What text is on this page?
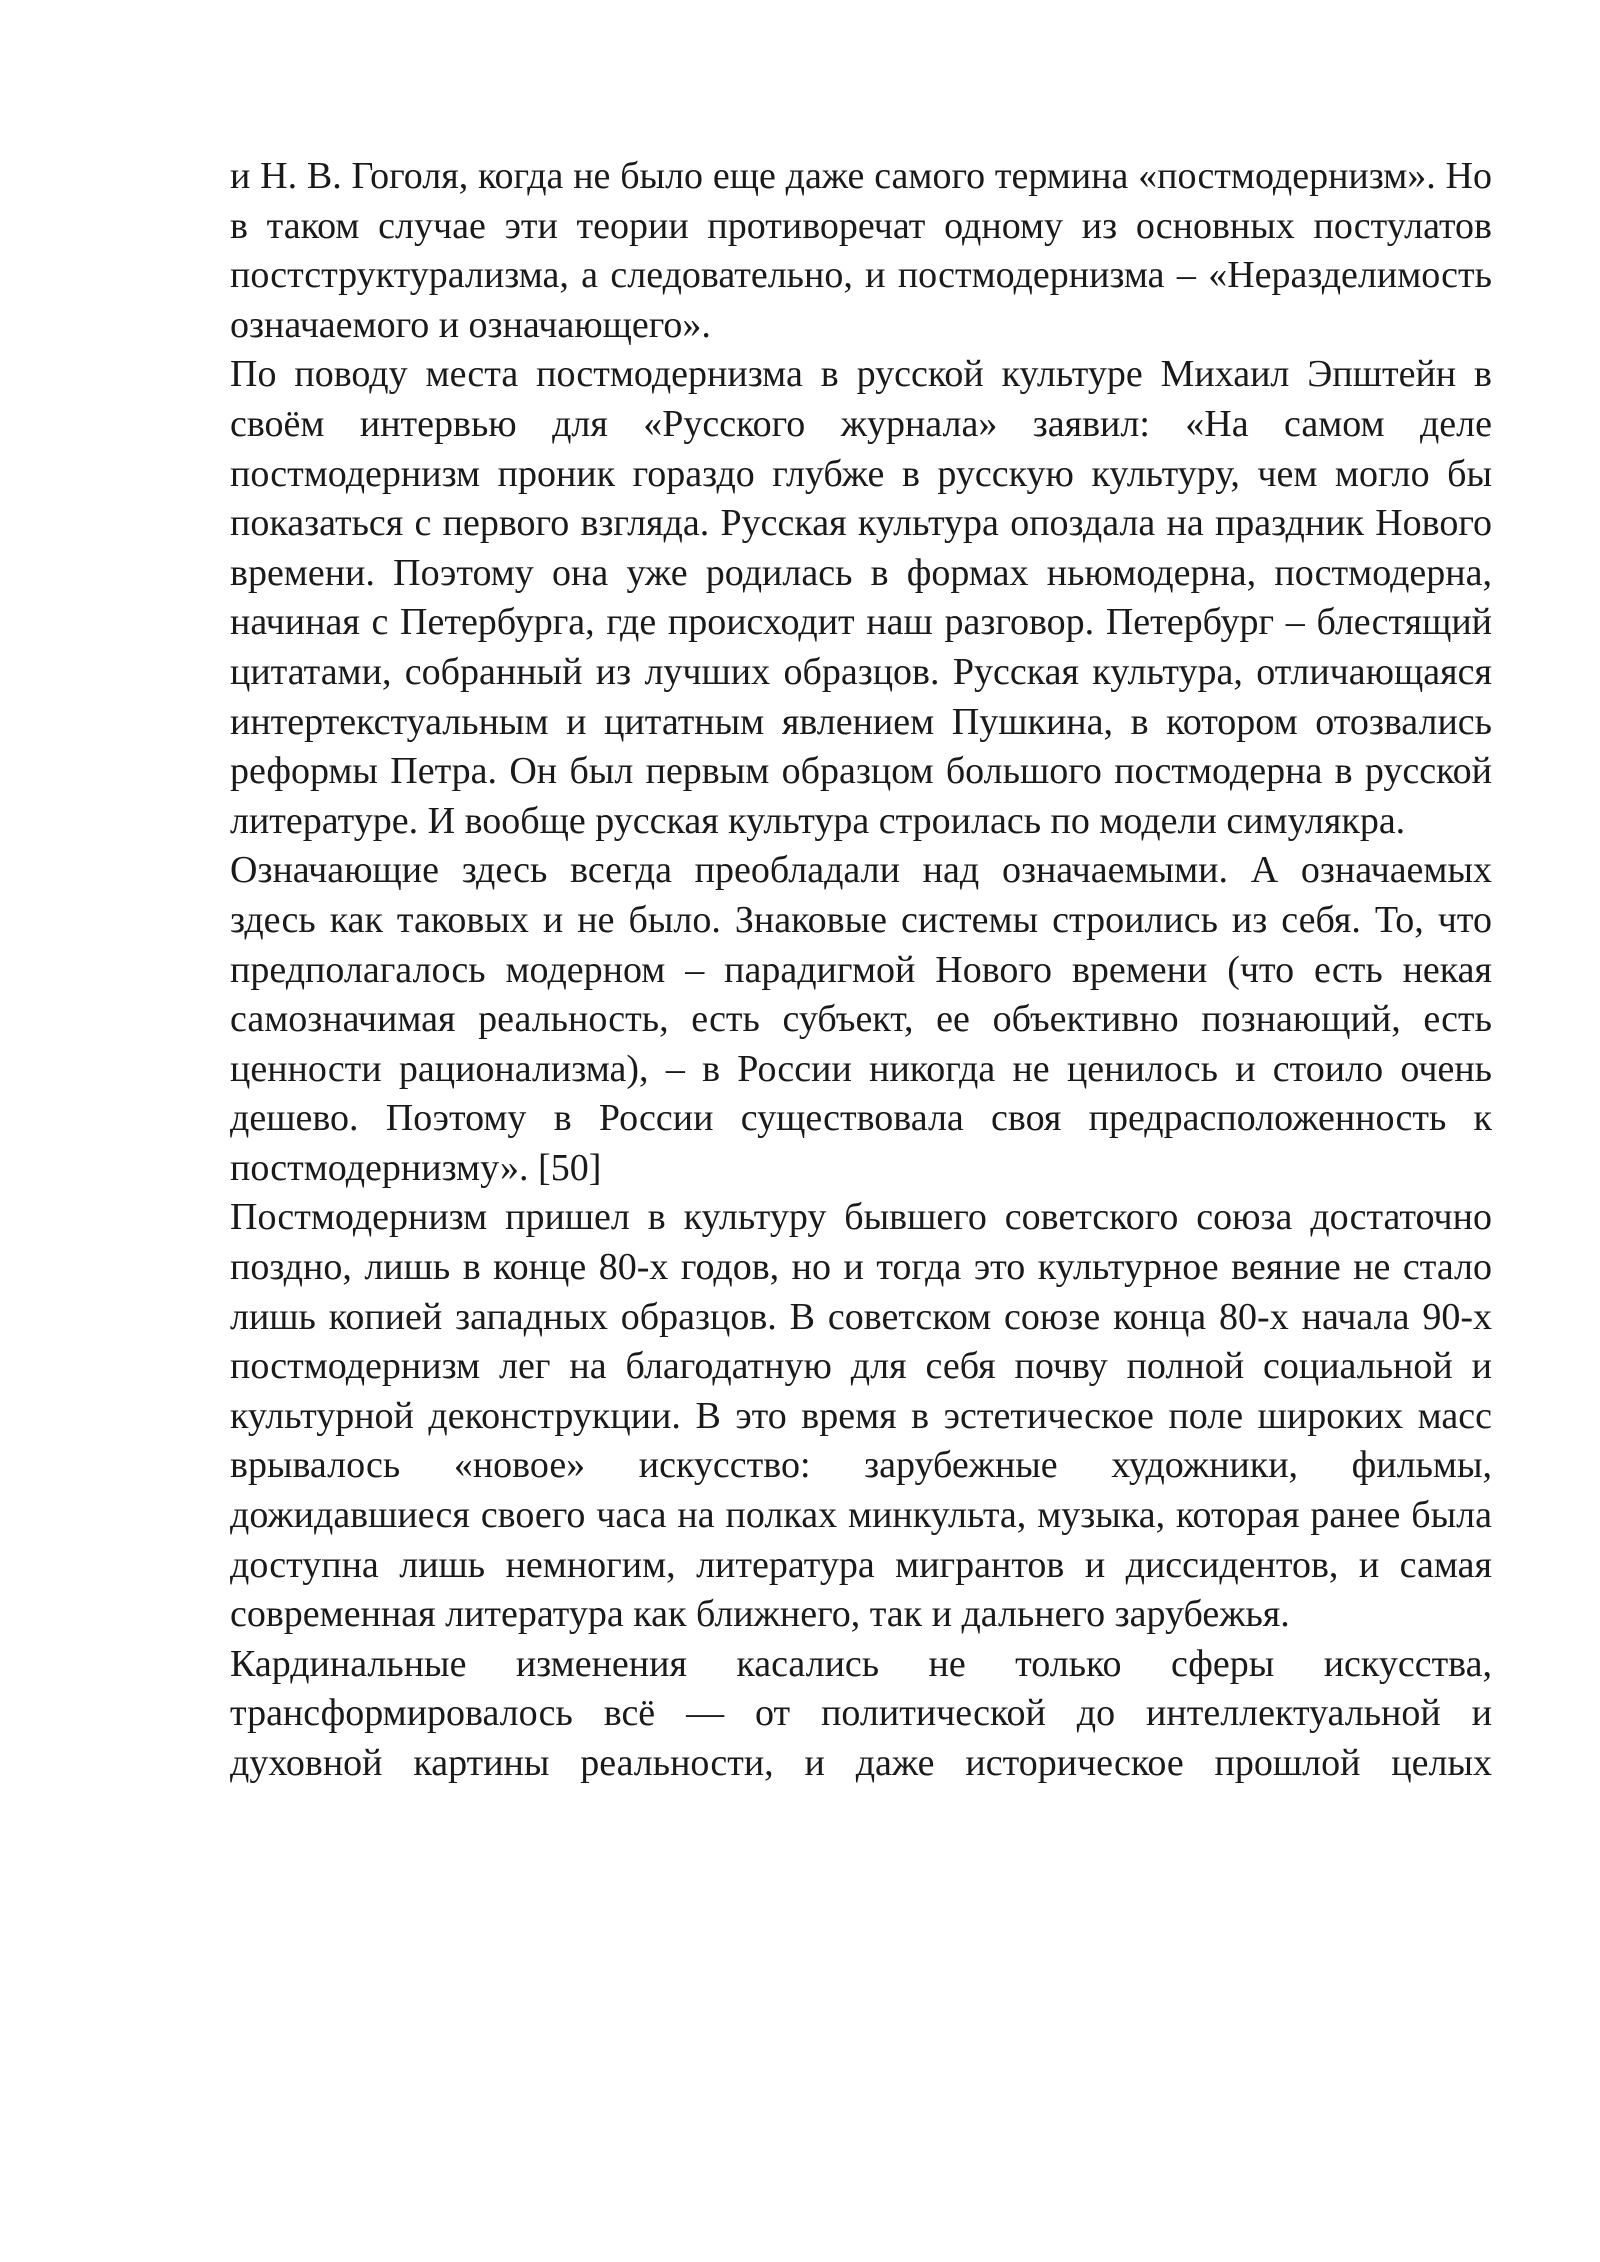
и Н. В. Гоголя, когда не было еще даже самого термина «постмодернизм». Но в таком случае эти теории противоречат одному из основных постулатов постструктурализма, а следовательно, и постмодернизма – «Неразделимость означаемого и означающего».

По поводу места постмодернизма в русской культуре Михаил Эпштейн в своём интервью для «Русского журнала» заявил: «На самом деле постмодернизм проник гораздо глубже в русскую культуру, чем могло бы показаться с первого взгляда. Русская культура опоздала на праздник Нового времени. Поэтому она уже родилась в формах ньюмодерна, постмодерна, начиная с Петербурга, где происходит наш разговор. Петербург – блестящий цитатами, собранный из лучших образцов. Русская культура, отличающаяся интертекстуальным и цитатным явлением Пушкина, в котором отозвались реформы Петра. Он был первым образцом большого постмодерна в русской литературе. И вообще русская культура строилась по модели симулякра.

Означающие здесь всегда преобладали над означаемыми. А означаемых здесь как таковых и не было. Знаковые системы строились из себя. То, что предполагалось модерном – парадигмой Нового времени (что есть некая самозначимая реальность, есть субъект, ее объективно познающий, есть ценности рационализма), – в России никогда не ценилось и стоило очень дешево. Поэтому в России существовала своя предрасположенность к постмодернизму». [50]

Постмодернизм пришел в культуру бывшего советского союза достаточно поздно, лишь в конце 80-х годов, но и тогда это культурное веяние не стало лишь копией западных образцов. В советском союзе конца 80-х начала 90-х постмодернизм лег на благодатную для себя почву полной социальной и культурной деконструкции. В это время в эстетическое поле широких масс врывалось «новое» искусство: зарубежные художники, фильмы, дожидавшиеся своего часа на полках минкульта, музыка, которая ранее была доступна лишь немногим, литература мигрантов и диссидентов, и самая современная литература как ближнего, так и дальнего зарубежья.

Кардинальные изменения касались не только сферы искусства, трансформировалось всё — от политической до интеллектуальной и духовной картины реальности, и даже историческое прошлой целых
